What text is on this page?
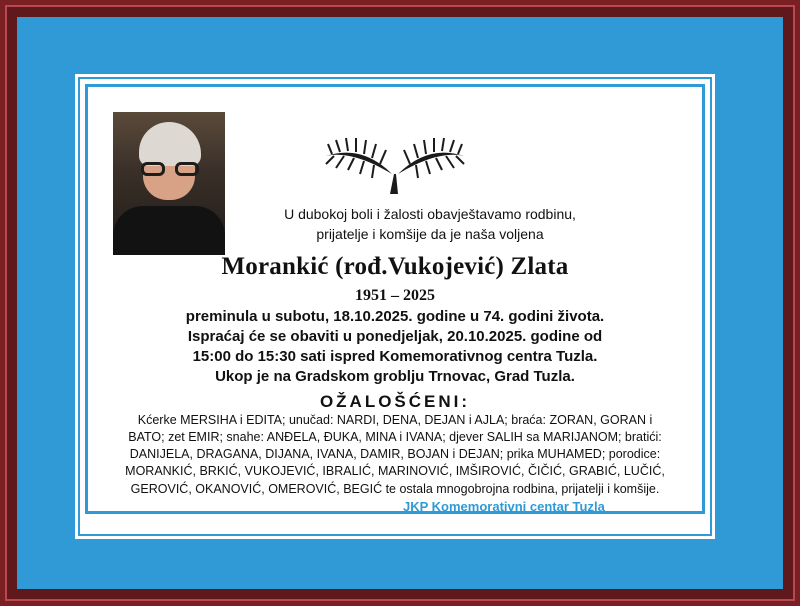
U dubokoj boli i žalosti obavještavamo rodbinu,
prijatelje i komšije da je naša voljena
Morankić (rođ.Vukojević) Zlata
1951 – 2025
preminula u subotu, 18.10.2025. godine u 74. godini života.
Ispraćaj će se obaviti u ponedjeljak, 20.10.2025. godine od
15:00 do 15:30 sati ispred Komemorativnog centra Tuzla.
Ukop je na Gradskom groblju Trnovac, Grad Tuzla.
OŽALOŠĆENI:
Kćerke MERSIHA i EDITA; unučad: NARDI, DENA, DEJAN i AJLA; braća: ZORAN, GORAN i
BATO; zet EMIR; snahe: ANĐELA, ĐUKA, MINA i IVANA; djever SALIH sa MARIJANOM; bratići:
DANIJELA, DRAGANA, DIJANA, IVANA, DAMIR, BOJAN i DEJAN; prika MUHAMED; porodice:
MORANKIĆ, BRKIĆ, VUKOJEVIĆ, IBRALIĆ, MARINOVIĆ, IMŠIROVIĆ, ČIČIĆ, GRABIĆ, LUČIĆ,
GEROVIĆ, OKANOVIĆ, OMEROVIĆ, BEGIĆ te ostala mnogobrojna rodbina, prijatelji i komšije.
JKP Komemorativni centar Tuzla
